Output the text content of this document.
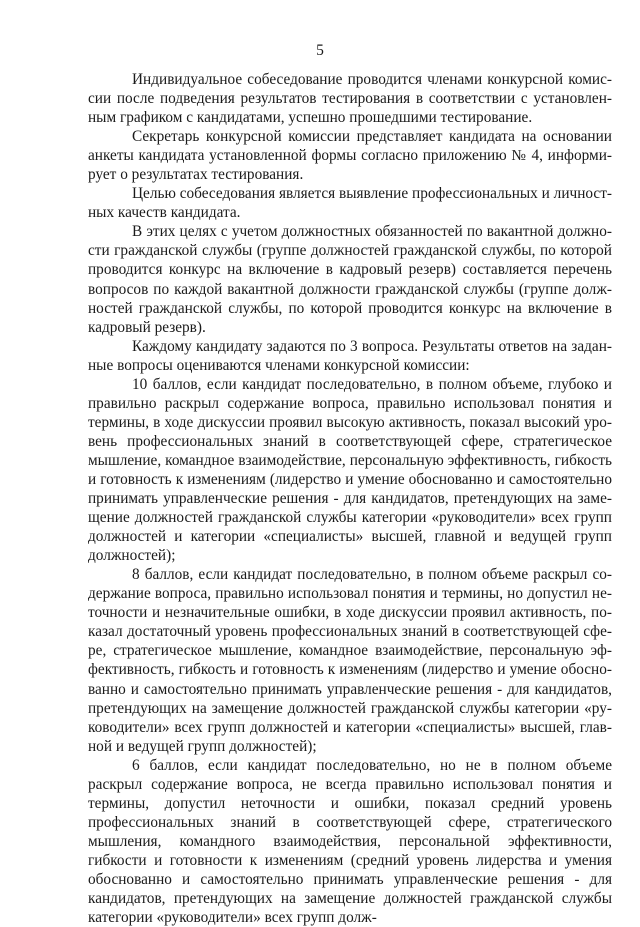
5

Индивидуальное собеседование проводится членами конкурсной комиссии после подведения результатов тестирования в соответствии с установленным графиком с кандидатами, успешно прошедшими тестирование.

Секретарь конкурсной комиссии представляет кандидата на основании анкеты кандидата установленной формы согласно приложению № 4, информирует о результатах тестирования.

Целью собеседования является выявление профессиональных и личностных качеств кандидата.

В этих целях с учетом должностных обязанностей по вакантной должности гражданской службы (группе должностей гражданской службы, по которой проводится конкурс на включение в кадровый резерв) составляется перечень вопросов по каждой вакантной должности гражданской службы (группе должностей гражданской службы, по которой проводится конкурс на включение в кадровый резерв).

Каждому кандидату задаются по 3 вопроса. Результаты ответов на заданные вопросы оцениваются членами конкурсной комиссии:

10 баллов, если кандидат последовательно, в полном объеме, глубоко и правильно раскрыл содержание вопроса, правильно использовал понятия и термины, в ходе дискуссии проявил высокую активность, показал высокий уровень профессиональных знаний в соответствующей сфере, стратегическое мышление, командное взаимодействие, персональную эффективность, гибкость и готовность к изменениям (лидерство и умение обоснованно и самостоятельно принимать управленческие решения - для кандидатов, претендующих на замещение должностей гражданской службы категории «руководители» всех групп должностей и категории «специалисты» высшей, главной и ведущей групп должностей);

8 баллов, если кандидат последовательно, в полном объеме раскрыл содержание вопроса, правильно использовал понятия и термины, но допустил неточности и незначительные ошибки, в ходе дискуссии проявил активность, показал достаточный уровень профессиональных знаний в соответствующей сфере, стратегическое мышление, командное взаимодействие, персональную эффективность, гибкость и готовность к изменениям (лидерство и умение обоснованно и самостоятельно принимать управленческие решения - для кандидатов, претендующих на замещение должностей гражданской службы категории «руководители» всех групп должностей и категории «специалисты» высшей, главной и ведущей групп должностей);

6 баллов, если кандидат последовательно, но не в полном объеме раскрыл содержание вопроса, не всегда правильно использовал понятия и термины, допустил неточности и ошибки, показал средний уровень профессиональных знаний в соответствующей сфере, стратегического мышления, командного взаимодействия, персональной эффективности, гибкости и готовности к изменениям (средний уровень лидерства и умения обоснованно и самостоятельно принимать управленческие решения - для кандидатов, претендующих на замещение должностей гражданской службы категории «руководители» всех групп долж-
